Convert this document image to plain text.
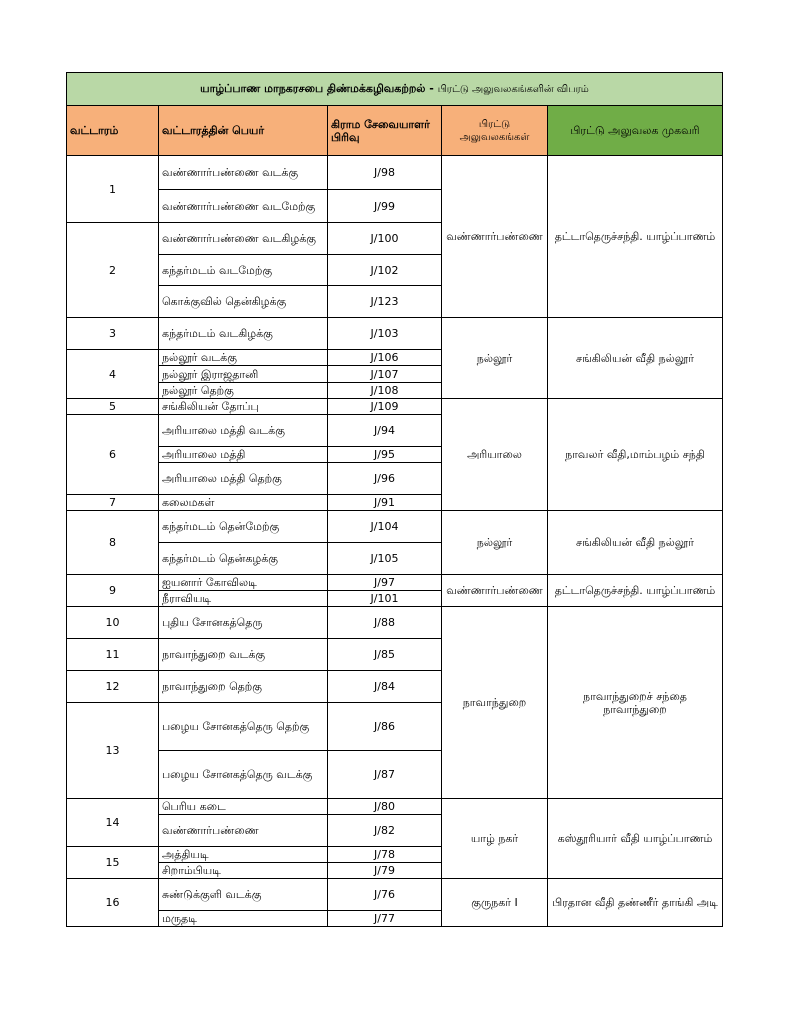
யாழ்ப்பாண மாநகரசபை திண்மக்கழிவகற்றல் - பிரட்டு அலுவலகங்களின் விபரம்				
வட்டாரம்	வட்டாரத்தின் பெயர்	கிராம சேவையாளர் பிரிவு	பிரட்டு அலுவலகங்கள்	பிரட்டு அலுவலக முகவரி
1	வண்ணார்பண்ணை வடக்கு	J/98	வண்ணார்பண்ணை	தட்டாதெருச்சந்தி. யாழ்ப்பாணம்
	வண்ணார்பண்ணை வடமேற்கு	J/99		
2	வண்ணார்பண்ணை வடகிழக்கு	J/100		
	கந்தர்மடம் வடமேற்கு	J/102		
	கொக்குவில் தென்கிழக்கு	J/123		
3	கந்தர்மடம் வடகிழக்கு	J/103	நல்லூர்	சங்கிலியன் வீதி நல்லூர்
4	நல்லூர் வடக்கு	J/106		
	நல்லூர் இராஜதானி	J/107		
	நல்லூர் தெற்கு	J/108		
5	சங்கிலியன் தோப்பு	J/109	அரியாலை	நாவலர் வீதி,மாம்பழம் சந்தி
6	அரியாலை மத்தி வடக்கு	J/94		
	அரியாலை மத்தி	J/95		
	அரியாலை மத்தி தெற்கு	J/96		
7	கலைமகள்	J/91		
8	கந்தர்மடம் தென்மேற்கு	J/104	நல்லூர்	சங்கிலியன் வீதி நல்லூர்
	கந்தர்மடம் தென்கழக்கு	J/105		
9	ஐயனார் கோவிலடி	J/97	வண்ணார்பண்ணை	தட்டாதெருச்சந்தி. யாழ்ப்பாணம்
	நீராவியடி	J/101		
10	புதிய சோனகத்தெரு	J/88	நாவாந்துறை	நாவாந்துறைச் சந்தை நாவாந்துறை
11	நாவாந்துறை வடக்கு	J/85		
12	நாவாந்துறை தெற்கு	J/84		
13	பழைய சோனகத்தெரு தெற்கு	J/86		
	பழைய சோனகத்தெரு வடக்கு	J/87		
14	பெரிய கடை	J/80	யாழ் நகர்	கஸ்தூரியார் வீதி யாழ்ப்பாணம்
	வண்ணார்பண்ணை	J/82		
15	அத்தியடி	J/78		
	சிறாம்பியடி	J/79		
16	சுண்டுக்குளி வடக்கு	J/76	குருநகர் I	பிரதான வீதி தண்ணீர் தாங்கி அடி
	மருதடி	J/77		
